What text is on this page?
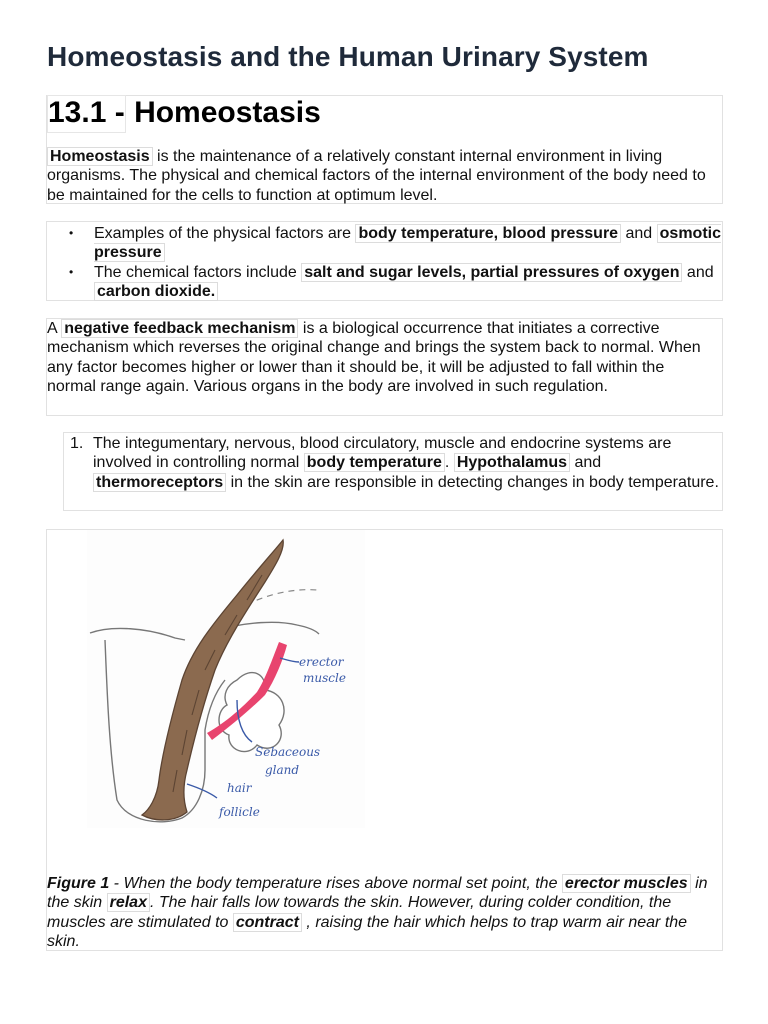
Homeostasis and the Human Urinary System
13.1 - Homeostasis

Homeostasis is the maintenance of a relatively constant internal environment in living organisms. The physical and chemical factors of the internal environment of the body need to be maintained for the cells to function at optimum level.

• Examples of the physical factors are body temperature, blood pressure and osmotic pressure
• The chemical factors include salt and sugar levels, partial pressures of oxygen and carbon dioxide.

A negative feedback mechanism is a biological occurrence that initiates a corrective mechanism which reverses the original change and brings the system back to normal. When any factor becomes higher or lower than it should be, it will be adjusted to fall within the normal range again. Various organs in the body are involved in such regulation.

1. The integumentary, nervous, blood circulatory, muscle and endocrine systems are involved in controlling normal body temperature . Hypothalamus and thermoreceptors in the skin are responsible in detecting changes in body temperature.
erector
muscle
Sebaceous
gland
hair
follicle

Figure 1 - When the body temperature rises above normal set point, the erector muscles in the skin relax . The hair falls low towards the skin. However, during colder condition, the muscles are stimulated to contract , raising the hair which helps to trap warm air near the skin.
